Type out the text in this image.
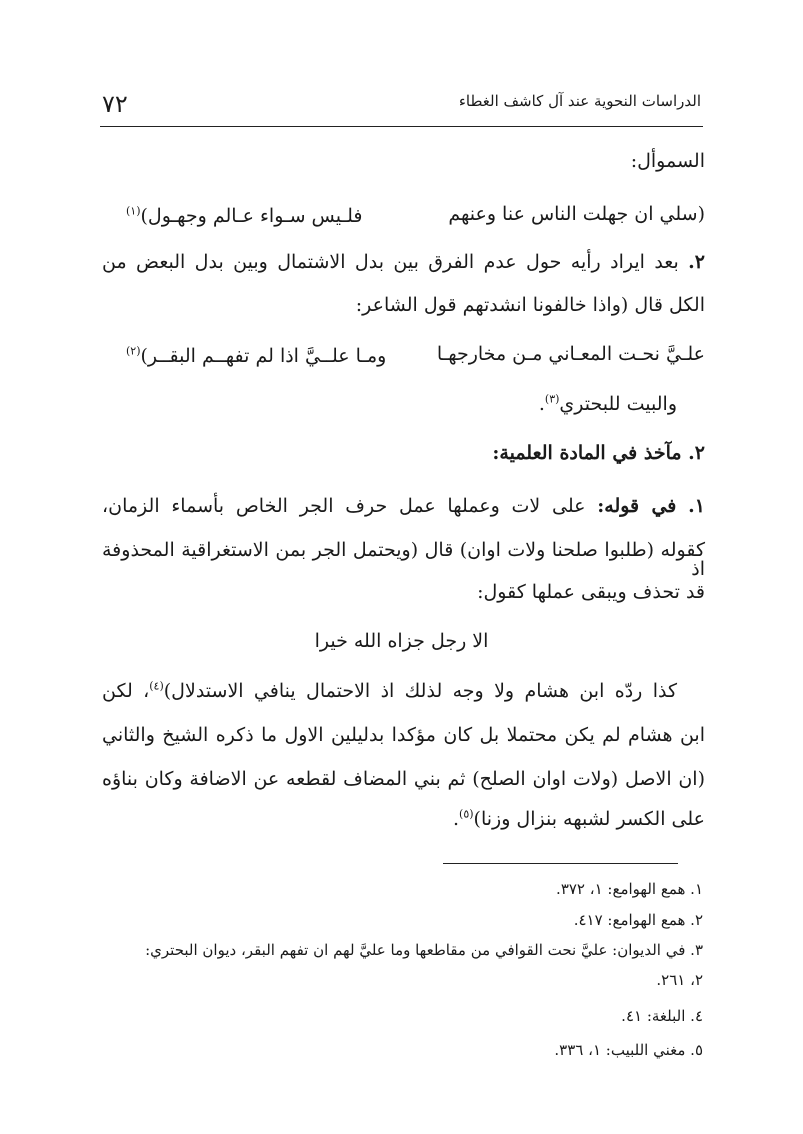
٧٢	الدراسات النحوية عند آل كاشف الغطاء
السموأل:
(سلي ان جهلت الناس عنا وعنهم
فلـيس سـواء عـالم وجهـول)$^{(١)}$
٢. بعد ايراد رأيه حول عدم الفرق بين بدل الاشتمال وبين بدل البعض من
الكل قال (واذا خالفونا انشدتهم قول الشاعر:
علـيَّ نحـت المعـاني مـن مخارجهـا
ومـا علــيَّ اذا لم تفهــم البقــر)$^{(٢)}$
والبيت للبحتري$^{(٣)}$.
٢. مآخذ في المادة العلمية:
١. في قوله: على لات وعملها عمل حرف الجر الخاص بأسماء الزمان،
كقوله (طلبوا صلحنا ولات اوان) قال (ويحتمل الجر بمن الاستغراقية المحذوفة اذ
قد تحذف ويبقى عملها كقول:
الا رجل جزاه الله خيرا
كذا ردّه ابن هشام ولا وجه لذلك اذ الاحتمال ينافي الاستدلال)$^{(٤)}$، لكن
ابن هشام لم يكن محتملا بل كان مؤكدا بدليلين الاول ما ذكره الشيخ والثاني
(ان الاصل (ولات اوان الصلح) ثم بني المضاف لقطعه عن الاضافة وكان بناؤه
على الكسر لشبهه بنزال وزنا)$^{(٥)}$.
١. همع الهوامع: ١، ٣٧٢.
٢. همع الهوامع: ٤١٧.
٣. في الديوان: عليَّ نحت القوافي من مقاطعها وما عليَّ لهم ان تفهم البقر، ديوان البحتري:
٢، ٢٦١.
٤. البلغة: ٤١.
٥. مغني اللبيب: ١، ٣٣٦.
